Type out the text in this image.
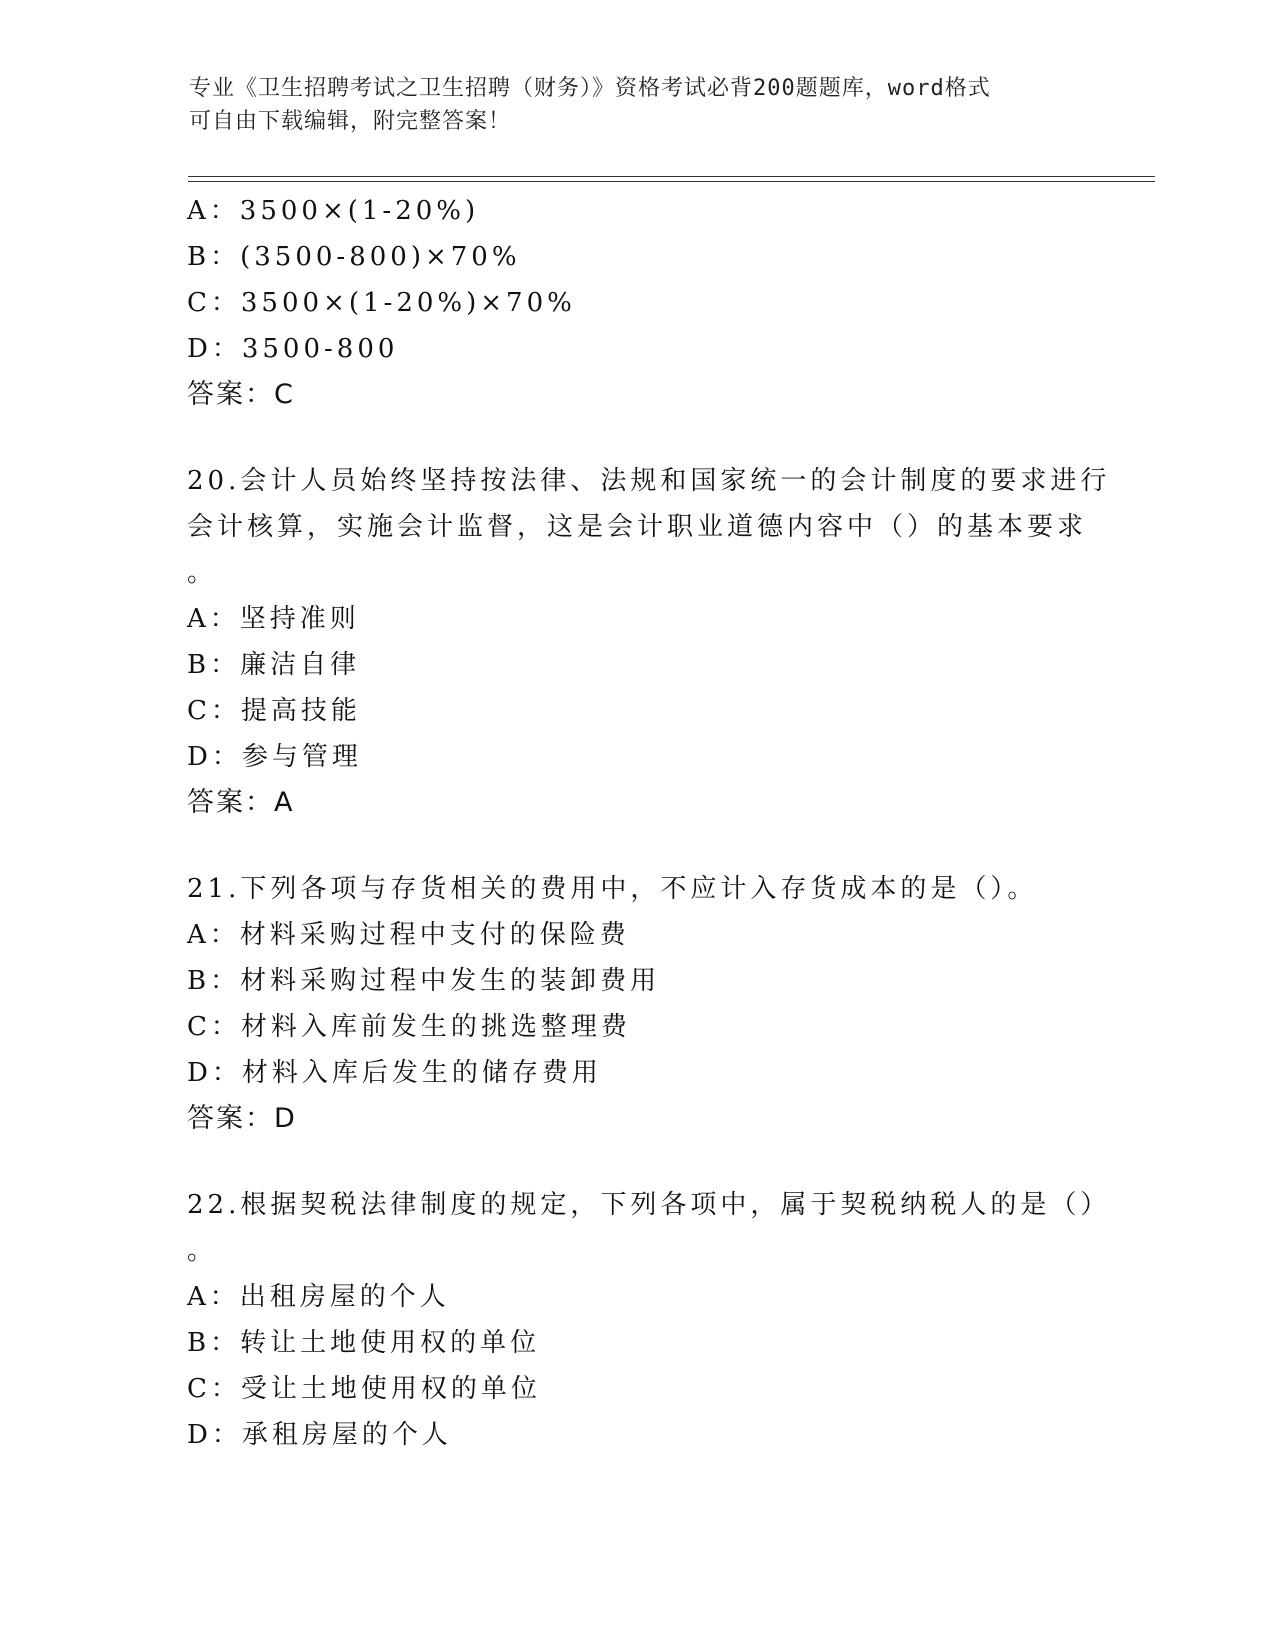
专业《卫生招聘考试之卫生招聘（财务）》资格考试必背200题题库，word格式
可自由下载编辑，附完整答案！
A：3500×(1-20%)
B：(3500-800)×70%
C：3500×(1-20%)×70%
D：3500-800
答案：C
20.会计人员始终坚持按法律、法规和国家统一的会计制度的要求进行
会计核算，实施会计监督，这是会计职业道德内容中（）的基本要求
。
A：坚持准则
B：廉洁自律
C：提高技能
D：参与管理
答案：A
21.下列各项与存货相关的费用中，不应计入存货成本的是（）。
A：材料采购过程中支付的保险费
B：材料采购过程中发生的装卸费用
C：材料入库前发生的挑选整理费
D：材料入库后发生的储存费用
答案：D
22.根据契税法律制度的规定，下列各项中，属于契税纳税人的是（）
。
A：出租房屋的个人
B：转让土地使用权的单位
C：受让土地使用权的单位
D：承租房屋的个人
